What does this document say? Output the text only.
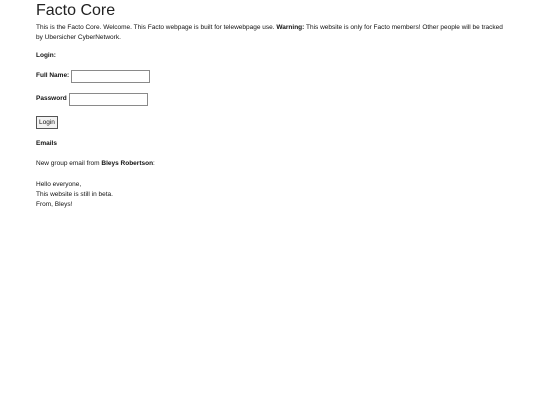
Facto Core

This is the Facto Core. Welcome. This Facto webpage is built for telewebpage use. Warning: This website is only for Facto members! Other people will be tracked by Ubersicher CyberNetwork.

Login:

Full Name:
Password
Login

Emails

New group email from Bleys Robertson:

Hello everyone,
This website is still in beta.
From, Bleys!
